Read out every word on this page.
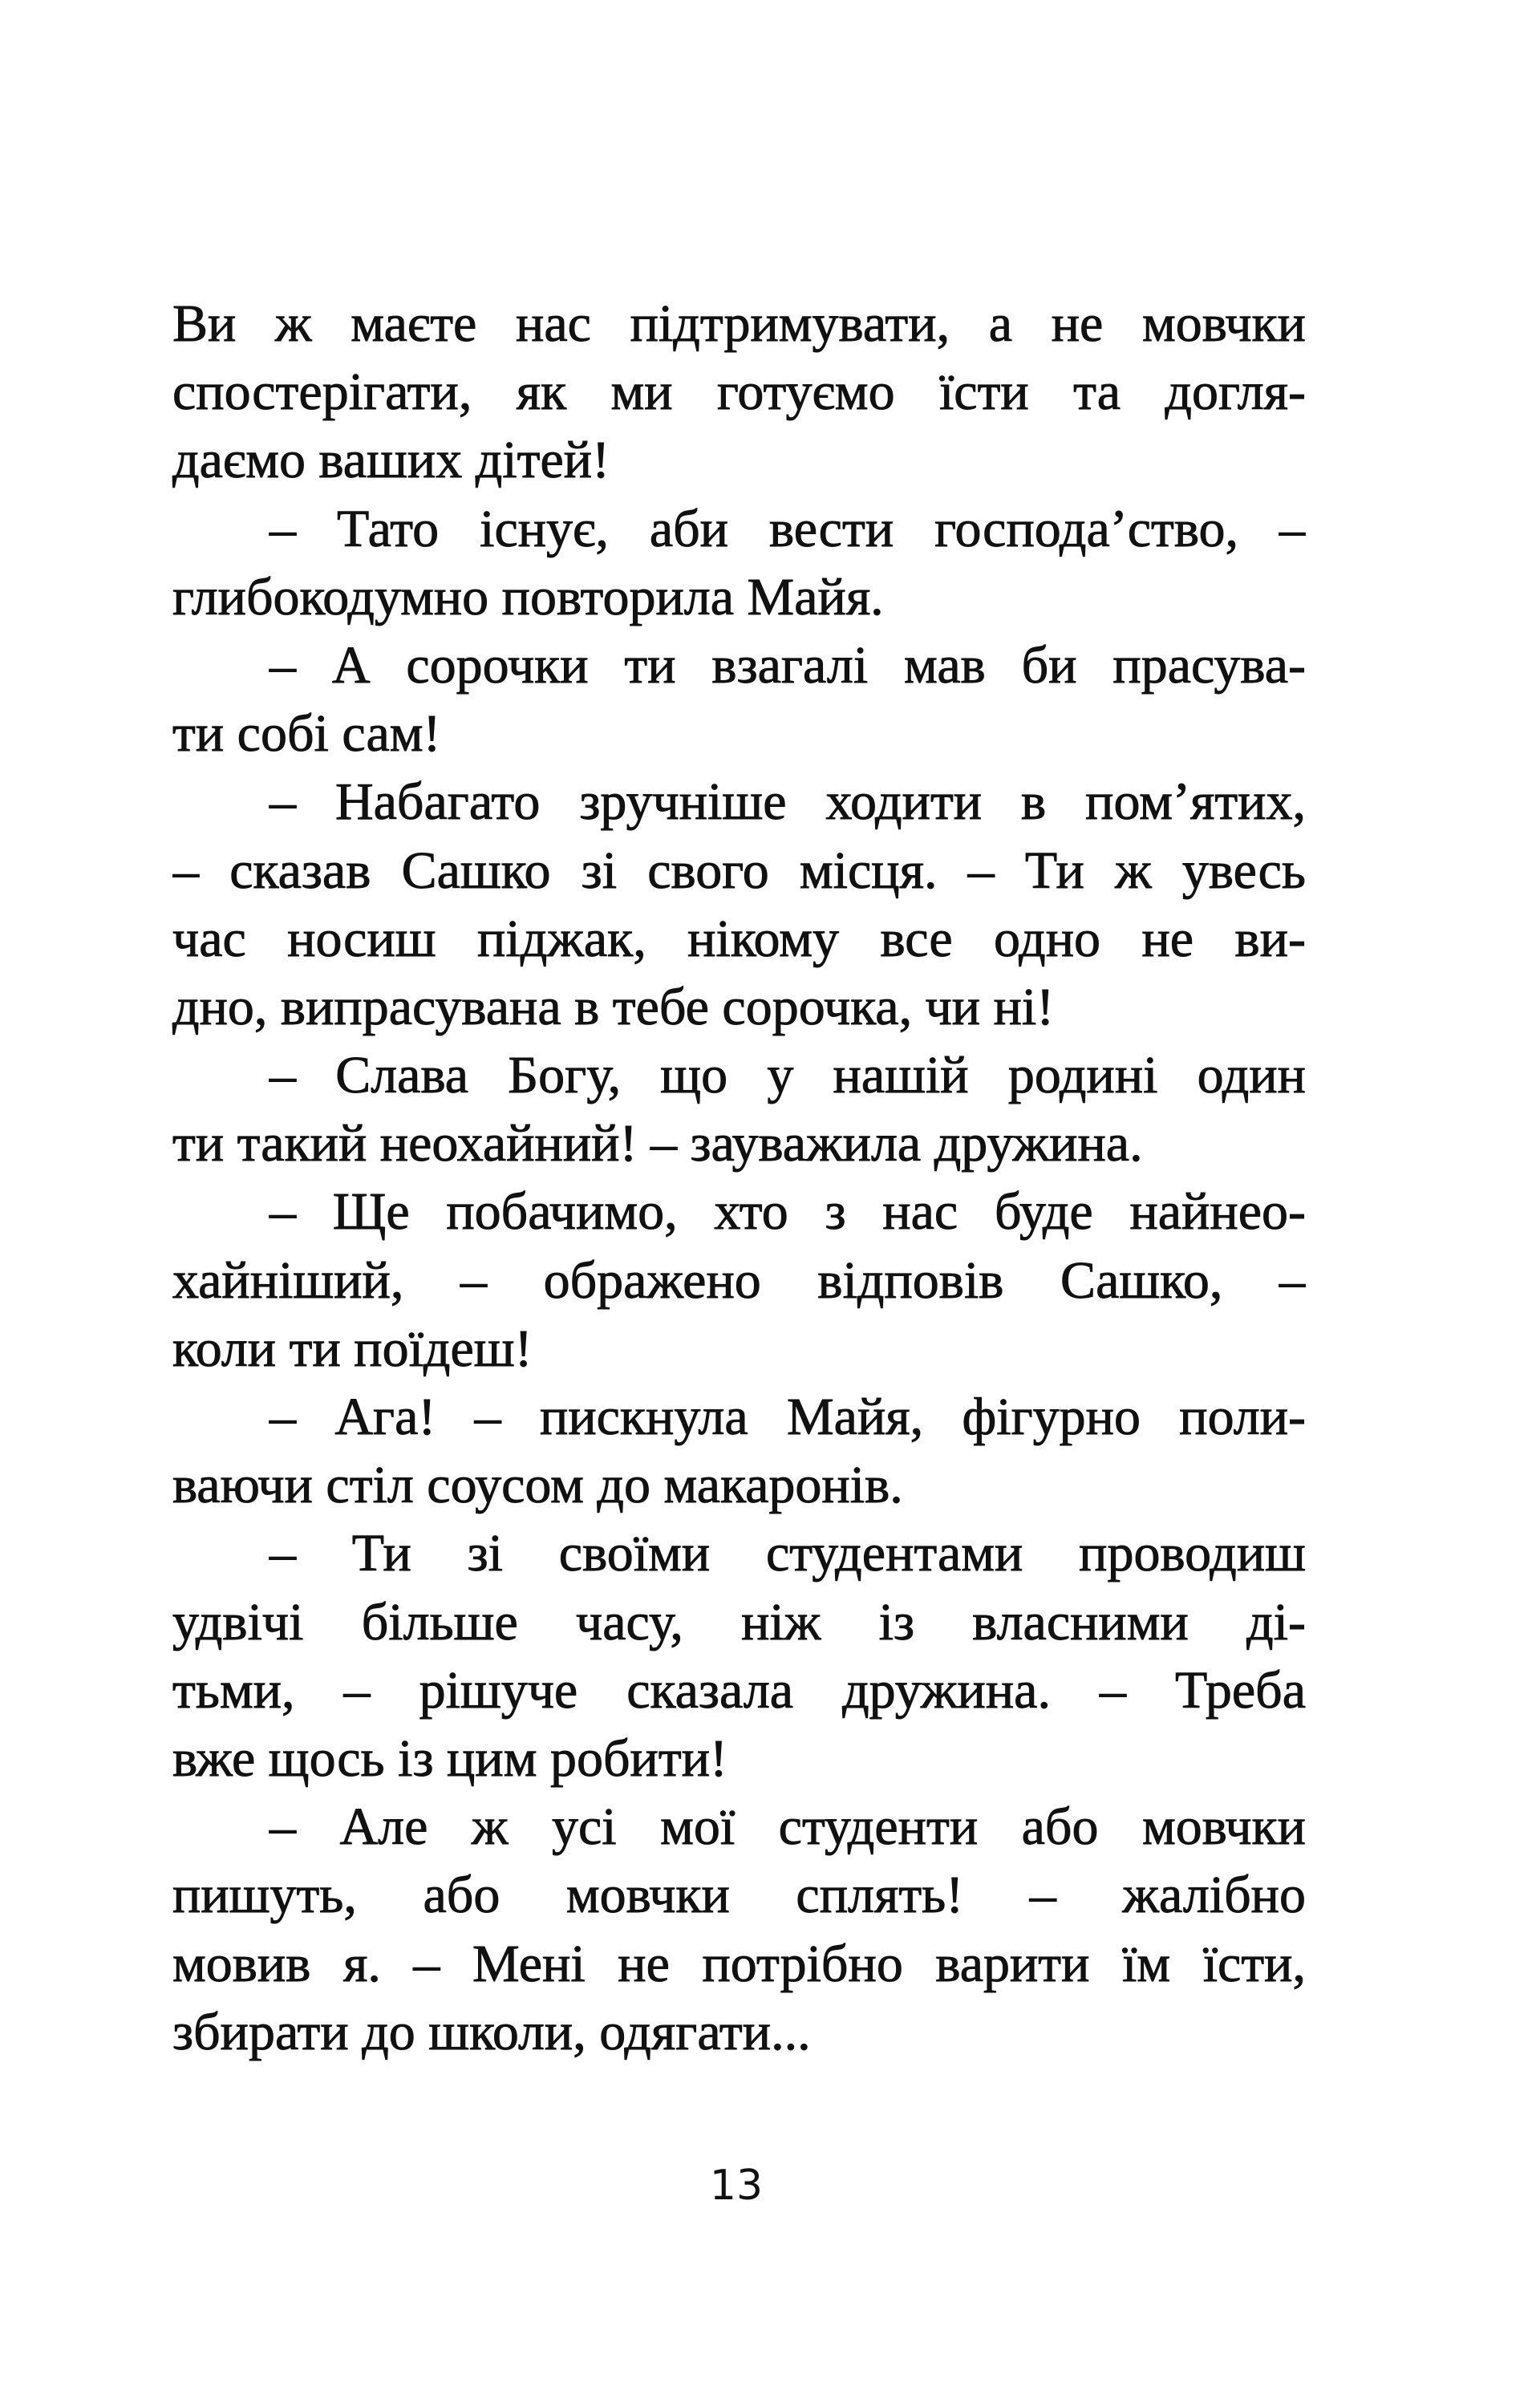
Ви ж маєте нас підтримувати, а не мовчки
спостерігати, як ми готуємо їсти та догля-
даємо ваших дітей!
– Тато існує, аби вести господа’ство, –
глибокодумно повторила Майя.
– А сорочки ти взагалі мав би прасува-
ти собі сам!
– Набагато зручніше ходити в пом’ятих,
– сказав Сашко зі свого місця. – Ти ж увесь
час носиш піджак, нікому все одно не ви-
дно, випрасувана в тебе сорочка, чи ні!
– Слава Богу, що у нашій родині один
ти такий неохайний! – зауважила дружина.
– Ще побачимо, хто з нас буде найнео-
хайніший, – ображено відповів Сашко, –
коли ти поїдеш!
– Ага! – пискнула Майя, фігурно поли-
ваючи стіл соусом до макаронів.
– Ти зі своїми студентами проводиш
удвічі більше часу, ніж із власними ді-
тьми, – рішуче сказала дружина. – Треба
вже щось із цим робити!
– Але ж усі мої студенти або мовчки
пишуть, або мовчки сплять! – жалібно
мовив я. – Мені не потрібно варити їм їсти,
збирати до школи, одягати...
13
